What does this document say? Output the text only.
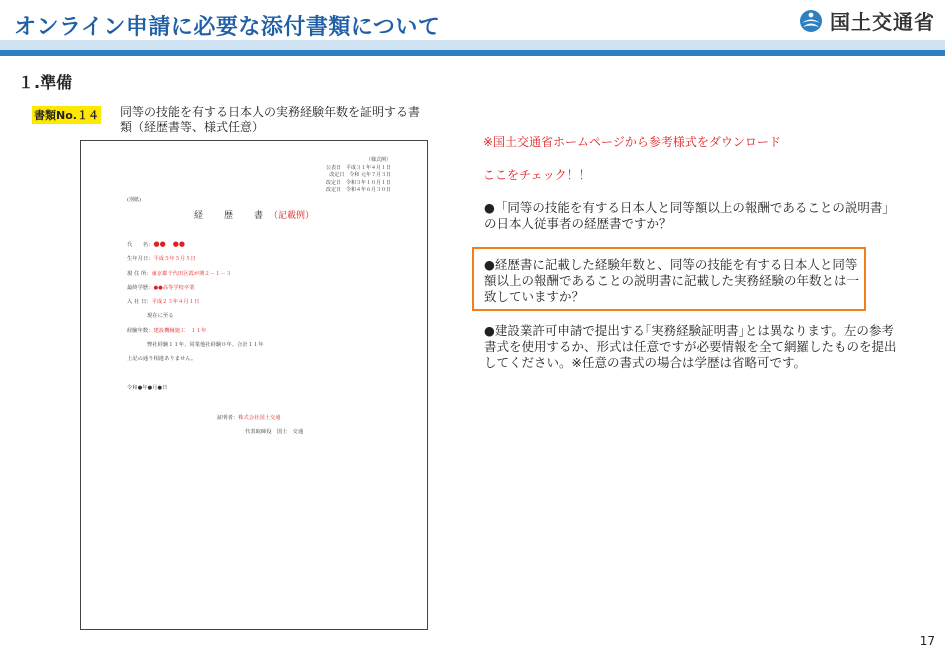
オンライン申請に必要な添付書類について	国土交通省
１.準備
書類No.１４ 同等の技能を有する日本人の実務経験年数を証明する書類（経歴書等、様式任意）
（様式例）
公表日　平成３１年４月１日
改定日　令和 元年７月３日
改定日　令和３年１０月１日
改定日　令和４年６月３０日
(別紙)
経　歴　書（記載例）
氏　　名：●●　●●
生年月日：平成５年５月５日
現 住 所：東京都千代田区霞が関２－１－３
最終学歴：●●高等学校卒業
入 社 日：平成２３年４月１日
現在に至る
経験年数：建設機械施工　１１年
弊社経験１１年、同業他社経験０年、合計１１年
上記の通り相違ありません。
令和●年●月●日
証明者：株式会社国土交通
代表取締役　国土　交通
※国土交通省ホームページから参考様式をダウンロード
ここをチェック！！
●「同等の技能を有する日本人と同等額以上の報酬であることの説明書」の日本人従事者の経歴書ですか？
●経歴書に記載した経験年数と、同等の技能を有する日本人と同等額以上の報酬であることの説明書に記載した実務経験の年数とは一致していますか？
●建設業許可申請で提出する｢実務経験証明書｣とは異なります。左の参考書式を使用するか、形式は任意ですが必要情報を全て網羅したものを提出してください。※任意の書式の場合は学歴は省略可です。
17
